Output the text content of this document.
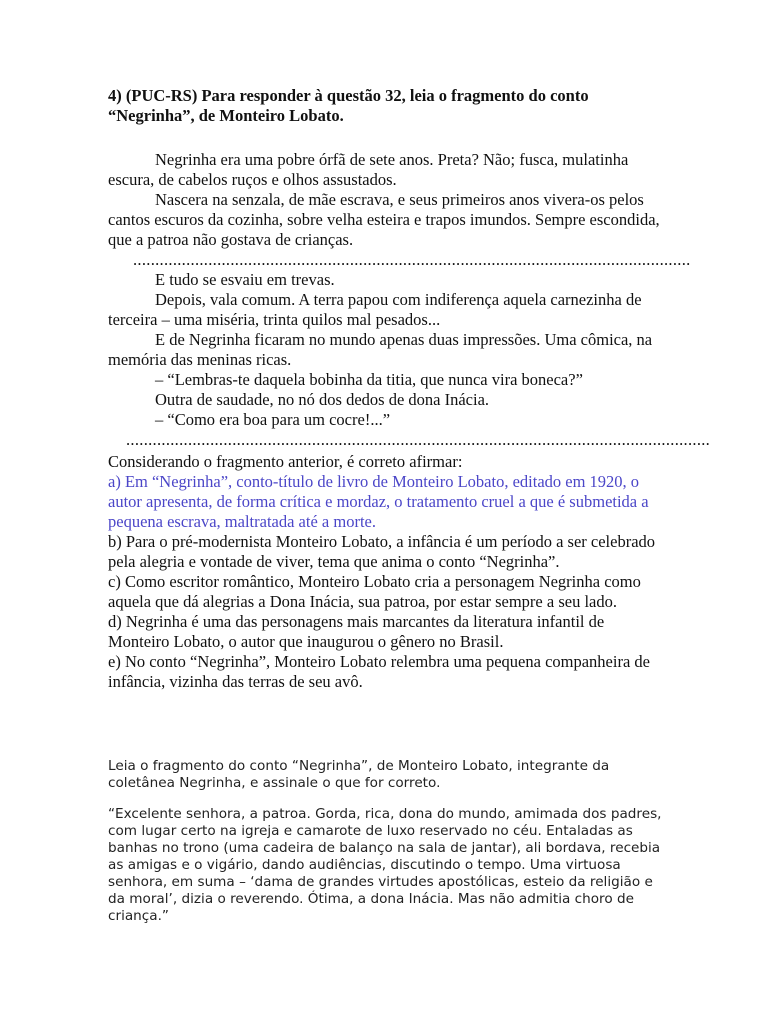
4) (PUC-RS) Para responder à questão 32, leia o fragmento do conto
“Negrinha”, de Monteiro Lobato.

Negrinha era uma pobre órfã de sete anos. Preta? Não; fusca, mulatinha escura, de cabelos ruços e olhos assustados.

Nascera na senzala, de mãe escrava, e seus primeiros anos vivera-os pelos cantos escuros da cozinha, sobre velha esteira e trapos imundos. Sempre escondida, que a patroa não gostava de crianças.

..............................................................................................................................

E tudo se esvaiu em trevas.

Depois, vala comum. A terra papou com indiferença aquela carnezinha de terceira – uma miséria, trinta quilos mal pesados...

E de Negrinha ficaram no mundo apenas duas impressões. Uma cômica, na memória das meninas ricas.

– “Lembras-te daquela bobinha da titia, que nunca vira boneca?”

Outra de saudade, no nó dos dedos de dona Inácia.

– “Como era boa para um cocre!...”

....................................................................................................................................

Considerando o fragmento anterior, é correto afirmar:

a) Em “Negrinha”, conto-título de livro de Monteiro Lobato, editado em 1920, o autor apresenta, de forma crítica e mordaz, o tratamento cruel a que é submetida a pequena escrava, maltratada até a morte.

b) Para o pré-modernista Monteiro Lobato, a infância é um período a ser celebrado pela alegria e vontade de viver, tema que anima o conto “Negrinha”.

c) Como escritor romântico, Monteiro Lobato cria a personagem Negrinha como aquela que dá alegrias a Dona Inácia, sua patroa, por estar sempre a seu lado.

d) Negrinha é uma das personagens mais marcantes da literatura infantil de Monteiro Lobato, o autor que inaugurou o gênero no Brasil.

e) No conto “Negrinha”, Monteiro Lobato relembra uma pequena companheira de infância, vizinha das terras de seu avô.

Leia o fragmento do conto “Negrinha”, de Monteiro Lobato, integrante da coletânea Negrinha, e assinale o que for correto.

“Excelente senhora, a patroa. Gorda, rica, dona do mundo, amimada dos padres, com lugar certo na igreja e camarote de luxo reservado no céu. Entaladas as banhas no trono (uma cadeira de balanço na sala de jantar), ali bordava, recebia as amigas e o vigário, dando audiências, discutindo o tempo. Uma virtuosa senhora, em suma – ‘dama de grandes virtudes apostólicas, esteio da religião e da moral’, dizia o reverendo. Ótima, a dona Inácia. Mas não admitia choro de criança.”
